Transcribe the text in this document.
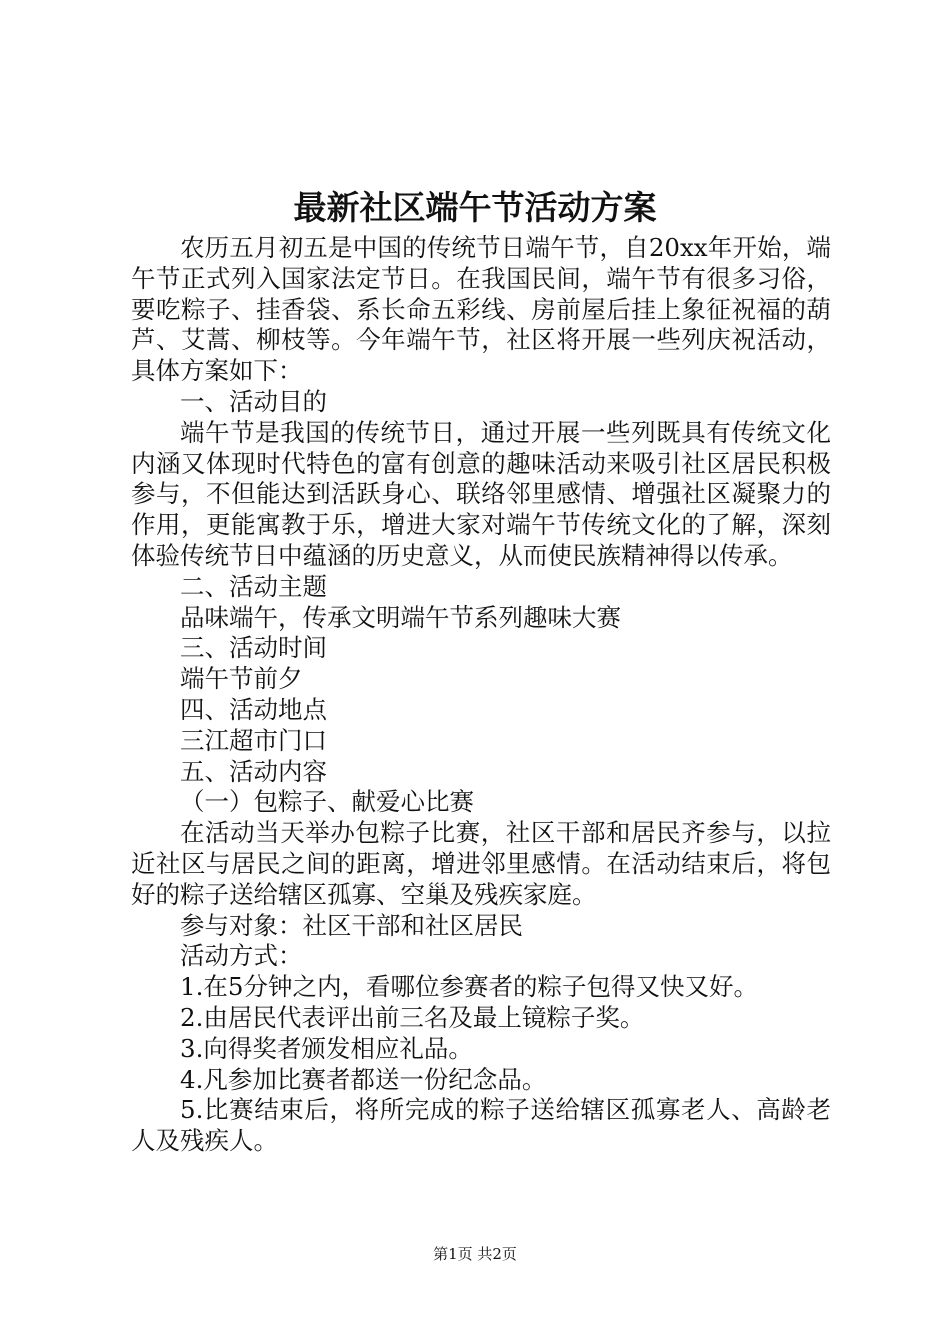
最新社区端午节活动方案

农历五月初五是中国的传统节日端午节，自20xx年开始，端午节正式列入国家法定节日。在我国民间，端午节有很多习俗，要吃粽子、挂香袋、系长命五彩线、房前屋后挂上象征祝福的葫芦、艾蒿、柳枝等。今年端午节，社区将开展一些列庆祝活动，具体方案如下：

一、活动目的

端午节是我国的传统节日，通过开展一些列既具有传统文化内涵又体现时代特色的富有创意的趣味活动来吸引社区居民积极参与，不但能达到活跃身心、联络邻里感情、增强社区凝聚力的作用，更能寓教于乐，增进大家对端午节传统文化的了解，深刻体验传统节日中蕴涵的历史意义，从而使民族精神得以传承。

二、活动主题

品味端午，传承文明端午节系列趣味大赛

三、活动时间

端午节前夕

四、活动地点

三江超市门口

五、活动内容

（一）包粽子、献爱心比赛

在活动当天举办包粽子比赛，社区干部和居民齐参与，以拉近社区与居民之间的距离，增进邻里感情。在活动结束后，将包好的粽子送给辖区孤寡、空巢及残疾家庭。

参与对象：社区干部和社区居民

活动方式：

1.在5分钟之内，看哪位参赛者的粽子包得又快又好。

2.由居民代表评出前三名及最上镜粽子奖。

3.向得奖者颁发相应礼品。

4.凡参加比赛者都送一份纪念品。

5.比赛结束后，将所完成的粽子送给辖区孤寡老人、高龄老人及残疾人。

第1页 共2页
